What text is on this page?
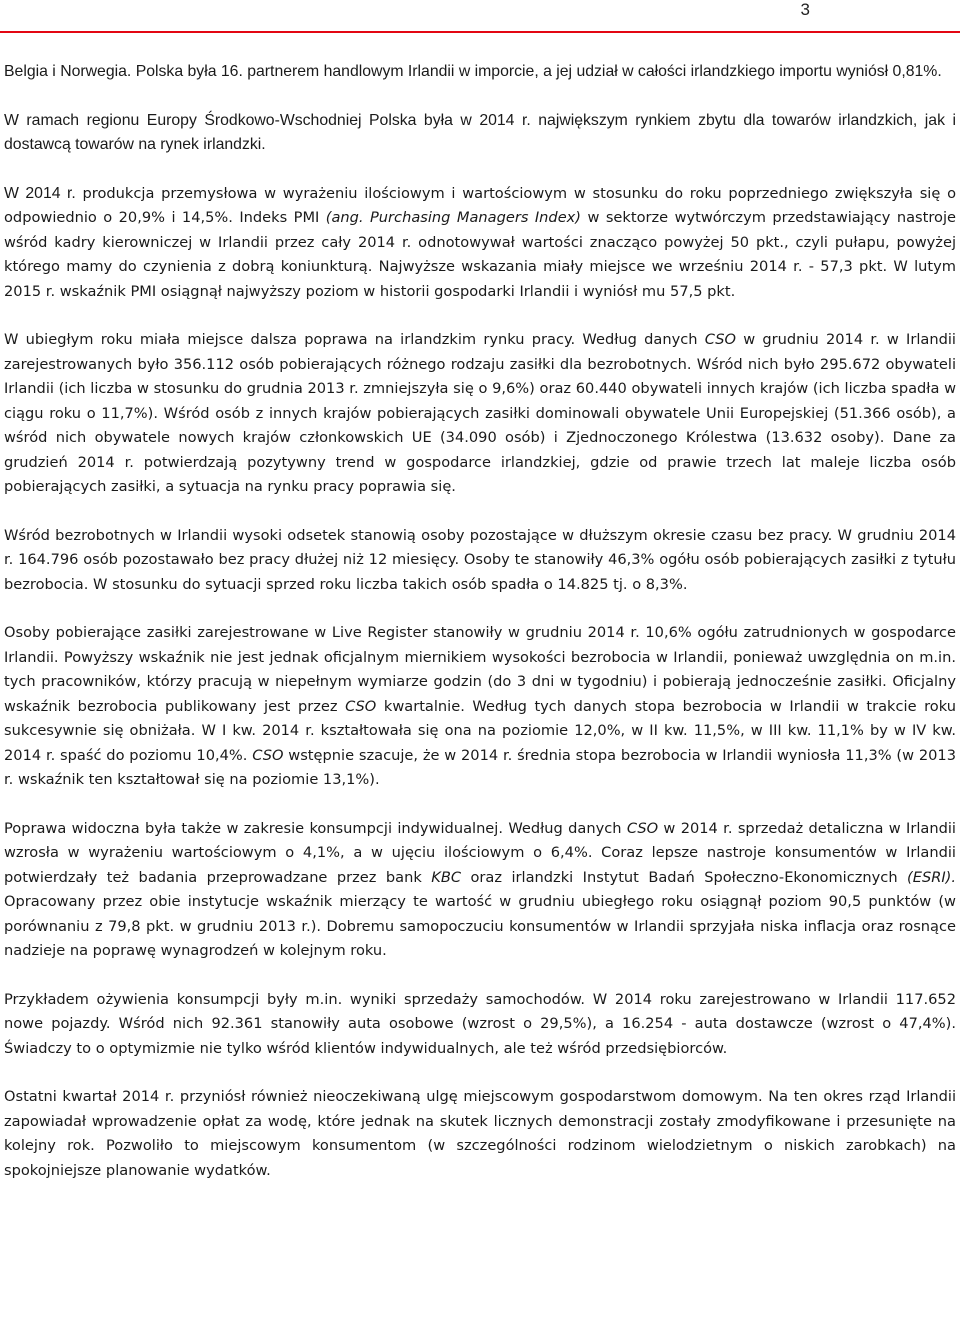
3

Belgia i Norwegia. Polska była 16. partnerem handlowym Irlandii w imporcie, a jej udział w całości irlandzkiego importu wyniósł 0,81%.

W ramach regionu Europy Środkowo-Wschodniej Polska była w 2014 r. największym rynkiem zbytu dla towarów irlandzkich, jak i dostawcą towarów na rynek irlandzki.

W 2014 r. produkcja przemysłowa w wyrażeniu ilościowym i wartościowym w stosunku do roku poprzedniego zwiększyła się o odpowiednio o 20,9% i 14,5%. Indeks PMI (ang. Purchasing Managers Index) w sektorze wytwórczym przedstawiający nastroje wśród kadry kierowniczej w Irlandii przez cały 2014 r. odnotowywał wartości znacząco powyżej 50 pkt., czyli pułapu, powyżej którego mamy do czynienia z dobrą koniunkturą. Najwyższe wskazania miały miejsce we wrześniu 2014 r. - 57,3 pkt. W lutym 2015 r. wskaźnik PMI osiągnął najwyższy poziom w historii gospodarki Irlandii i wyniósł mu 57,5 pkt.

W ubiegłym roku miała miejsce dalsza poprawa na irlandzkim rynku pracy. Według danych CSO w grudniu 2014 r. w Irlandii zarejestrowanych było 356.112 osób pobierających różnego rodzaju zasiłki dla bezrobotnych. Wśród nich było 295.672 obywateli Irlandii (ich liczba w stosunku do grudnia 2013 r. zmniejszyła się o 9,6%) oraz 60.440 obywateli innych krajów (ich liczba spadła w ciągu roku o 11,7%). Wśród osób z innych krajów pobierających zasiłki dominowali obywatele Unii Europejskiej (51.366 osób), a wśród nich obywatele nowych krajów członkowskich UE (34.090 osób) i Zjednoczonego Królestwa (13.632 osoby). Dane za grudzień 2014 r. potwierdzają pozytywny trend w gospodarce irlandzkiej, gdzie od prawie trzech lat maleje liczba osób pobierających zasiłki, a sytuacja na rynku pracy poprawia się.

Wśród bezrobotnych w Irlandii wysoki odsetek stanowią osoby pozostające w dłuższym okresie czasu bez pracy. W grudniu 2014 r. 164.796 osób pozostawało bez pracy dłużej niż 12 miesięcy. Osoby te stanowiły 46,3% ogółu osób pobierających zasiłki z tytułu bezrobocia. W stosunku do sytuacji sprzed roku liczba takich osób spadła o 14.825 tj. o 8,3%.

Osoby pobierające zasiłki zarejestrowane w Live Register stanowiły w grudniu 2014 r. 10,6% ogółu zatrudnionych w gospodarce Irlandii. Powyższy wskaźnik nie jest jednak oficjalnym miernikiem wysokości bezrobocia w Irlandii, ponieważ uwzględnia on m.in. tych pracowników, którzy pracują w niepełnym wymiarze godzin (do 3 dni w tygodniu) i pobierają jednocześnie zasiłki. Oficjalny wskaźnik bezrobocia publikowany jest przez CSO kwartalnie. Według tych danych stopa bezrobocia w Irlandii w trakcie roku sukcesywnie się obniżała. W I kw. 2014 r. kształtowała się ona na poziomie 12,0%, w II kw. 11,5%, w III kw. 11,1% by w IV kw. 2014 r. spaść do poziomu 10,4%. CSO wstępnie szacuje, że w 2014 r. średnia stopa bezrobocia w Irlandii wyniosła 11,3% (w 2013 r. wskaźnik ten kształtował się na poziomie 13,1%).

Poprawa widoczna była także w zakresie konsumpcji indywidualnej. Według danych CSO w 2014 r. sprzedaż detaliczna w Irlandii wzrosła w wyrażeniu wartościowym o 4,1%, a w ujęciu ilościowym o 6,4%. Coraz lepsze nastroje konsumentów w Irlandii potwierdzały też badania przeprowadzane przez bank KBC oraz irlandzki Instytut Badań Społeczno-Ekonomicznych (ESRI). Opracowany przez obie instytucje wskaźnik mierzący te wartość w grudniu ubiegłego roku osiągnął poziom 90,5 punktów (w porównaniu z 79,8 pkt. w grudniu 2013 r.). Dobremu samopoczuciu konsumentów w Irlandii sprzyjała niska inflacja oraz rosnące nadzieje na poprawę wynagrodzeń w kolejnym roku.

Przykładem ożywienia konsumpcji były m.in. wyniki sprzedaży samochodów. W 2014 roku zarejestrowano w Irlandii 117.652 nowe pojazdy. Wśród nich 92.361 stanowiły auta osobowe (wzrost o 29,5%), a 16.254 - auta dostawcze (wzrost o 47,4%). Świadczy to o optymizmie nie tylko wśród klientów indywidualnych, ale też wśród przedsiębiorców.

Ostatni kwartał 2014 r. przyniósł również nieoczekiwaną ulgę miejscowym gospodarstwom domowym. Na ten okres rząd Irlandii zapowiadał wprowadzenie opłat za wodę, które jednak na skutek licznych demonstracji zostały zmodyfikowane i przesunięte na kolejny rok. Pozwoliło to miejscowym konsumentom (w szczególności rodzinom wielodzietnym o niskich zarobkach) na spokojniejsze planowanie wydatków.
